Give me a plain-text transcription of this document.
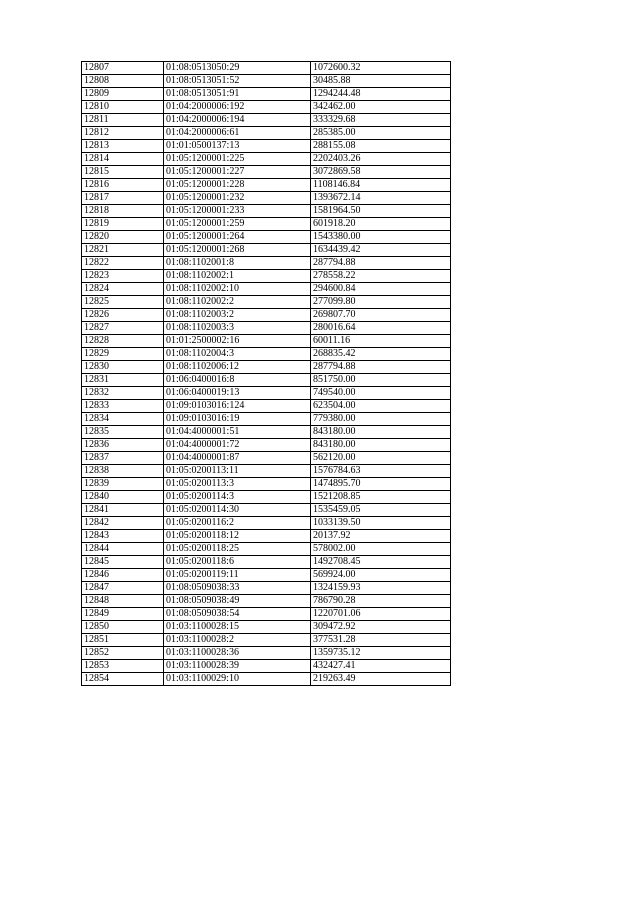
12807	01:08:0513050:29	1072600.32
12808	01:08:0513051:52	30485.88
12809	01:08:0513051:91	1294244.48
12810	01:04:2000006:192	342462.00
12811	01:04:2000006:194	333329.68
12812	01:04:2000006:61	285385.00
12813	01:01:0500137:13	288155.08
12814	01:05:1200001:225	2202403.26
12815	01:05:1200001:227	3072869.58
12816	01:05:1200001:228	1108146.84
12817	01:05:1200001:232	1393672.14
12818	01:05:1200001:233	1581964.50
12819	01:05:1200001:259	601918.20
12820	01:05:1200001:264	1543380.00
12821	01:05:1200001:268	1634439.42
12822	01:08:1102001:8	287794.88
12823	01:08:1102002:1	278558.22
12824	01:08:1102002:10	294600.84
12825	01:08:1102002:2	277099.80
12826	01:08:1102003:2	269807.70
12827	01:08:1102003:3	280016.64
12828	01:01:2500002:16	60011.16
12829	01:08:1102004:3	268835.42
12830	01:08:1102006:12	287794.88
12831	01:06:0400016:8	851750.00
12832	01:06:0400019:13	749540.00
12833	01:09:0103016:124	623504.00
12834	01:09:0103016:19	779380.00
12835	01:04:4000001:51	843180.00
12836	01:04:4000001:72	843180.00
12837	01:04:4000001:87	562120.00
12838	01:05:0200113:11	1576784.63
12839	01:05:0200113:3	1474895.70
12840	01:05:0200114:3	1521208.85
12841	01:05:0200114:30	1535459.05
12842	01:05:0200116:2	1033139.50
12843	01:05:0200118:12	20137.92
12844	01:05:0200118:25	578002.00
12845	01:05:0200118:6	1492708.45
12846	01:05:0200119:11	569924.00
12847	01:08:0509038:33	1324159.93
12848	01:08:0509038:49	786790.28
12849	01:08:0509038:54	1220701.06
12850	01:03:1100028:15	309472.92
12851	01:03:1100028:2	377531.28
12852	01:03:1100028:36	1359735.12
12853	01:03:1100028:39	432427.41
12854	01:03:1100029:10	219263.49
